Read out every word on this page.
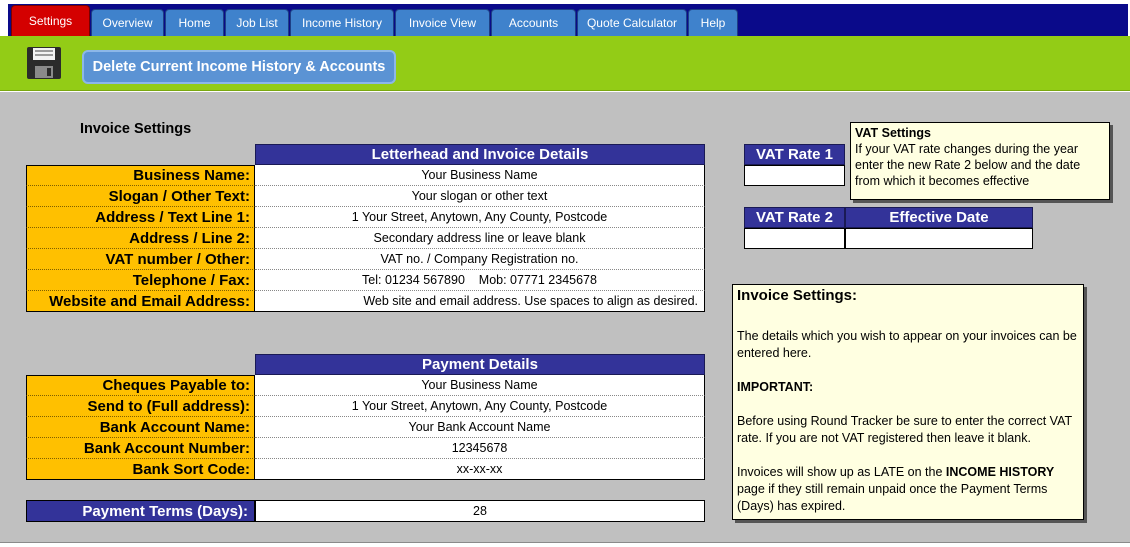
Settings	Overview	Home	Job List	Income History	Invoice View	Accounts	Quote Calculator	Help
Delete Current Income History & Accounts
Invoice Settings
Letterhead and Invoice Details
Business Name:	Your Business Name
Slogan / Other Text:	Your slogan or other text
Address / Text Line 1:	1 Your Street, Anytown, Any County, Postcode
Address / Line 2:	Secondary address line or leave blank
VAT number / Other:	VAT no. / Company Registration no.
Telephone / Fax:	Tel: 01234 567890    Mob: 07771 2345678
Website and Email Address:	Web site and email address. Use spaces to align as desired.
Payment Details
Cheques Payable to:	Your Business Name
Send to (Full address):	1 Your Street, Anytown, Any County, Postcode
Bank Account Name:	Your Bank Account Name
Bank Account Number:	12345678
Bank Sort Code:	xx-xx-xx
Payment Terms (Days):	28
VAT Rate 1
VAT Rate 2	Effective Date
VAT Settings
If your VAT rate changes during the year enter the new Rate 2 below and the date from which it becomes effective
Invoice Settings:

The details which you wish to appear on your invoices can be entered here.

IMPORTANT:

Before using Round Tracker be sure to enter the correct VAT rate. If you are not VAT registered then leave it blank.

Invoices will show up as LATE on the INCOME HISTORY page if they still remain unpaid once the Payment Terms (Days) has expired.
